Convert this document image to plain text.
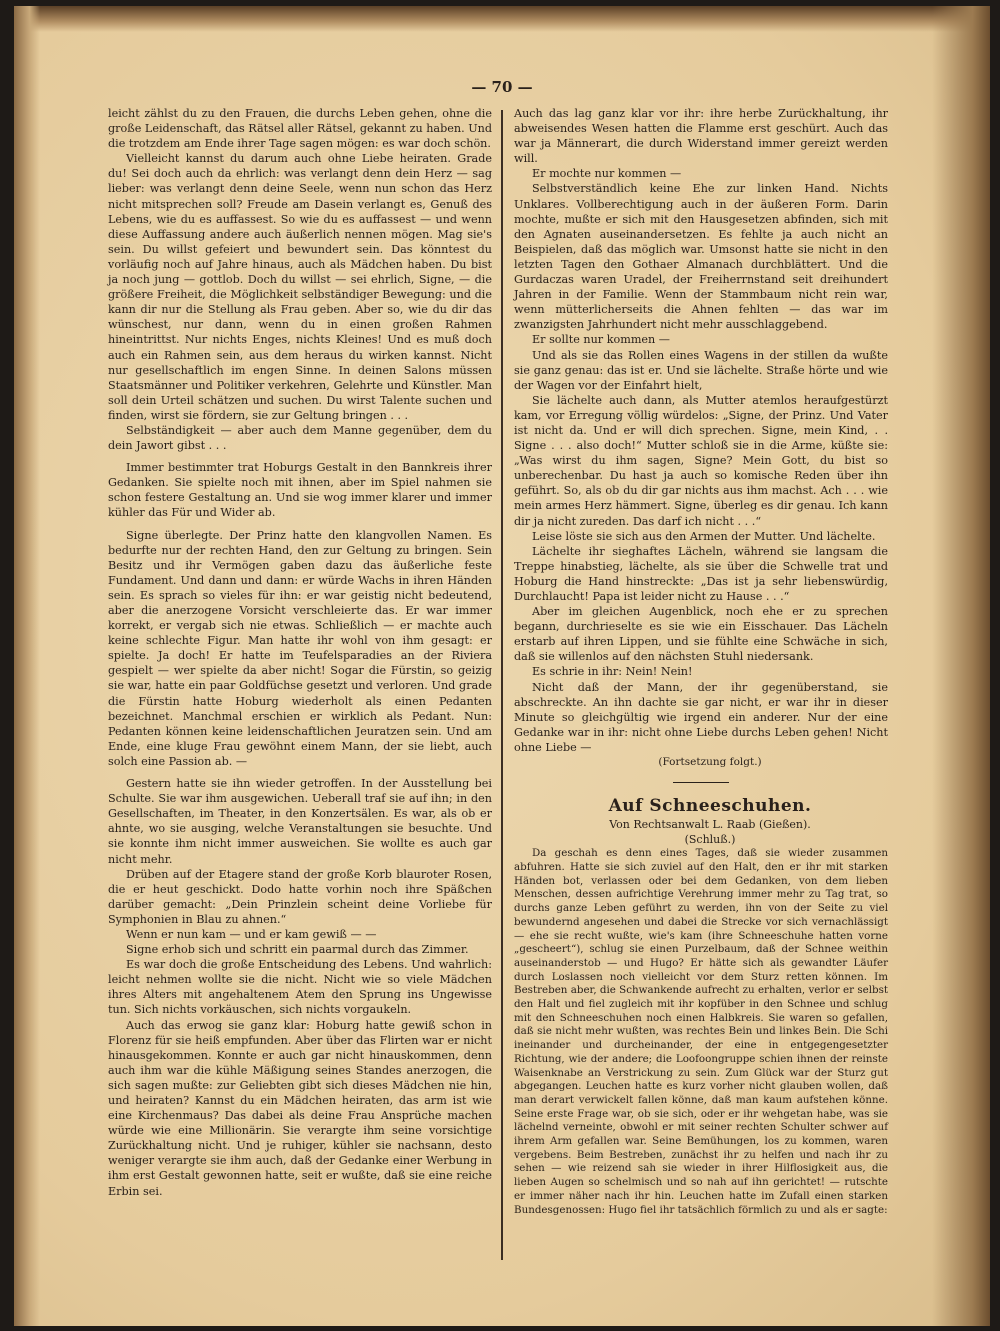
— 70 —

leicht zählst du zu den Frauen, die durchs Leben gehen, ohne die große Leidenschaft, das Rätsel aller Rätsel, gekannt zu haben. Und die trotzdem am Ende ihrer Tage sagen mögen: es war doch schön.

Vielleicht kannst du darum auch ohne Liebe heiraten. Grade du! Sei doch auch da ehrlich: was verlangt denn dein Herz — sag lieber: was verlangt denn deine Seele, wenn nun schon das Herz nicht mitsprechen soll? Freude am Dasein verlangt es, Genuß des Lebens, wie du es auffassest. So wie du es auffassest — und wenn diese Auffassung andere auch äußerlich nennen mögen. Mag sie's sein. Du willst gefeiert und bewundert sein. Das könntest du vorläufig noch auf Jahre hinaus, auch als Mädchen haben. Du bist ja noch jung — gottlob. Doch du willst — sei ehrlich, Signe, — die größere Freiheit, die Möglichkeit selbständiger Bewegung: und die kann dir nur die Stellung als Frau geben. Aber so, wie du dir das wünschest, nur dann, wenn du in einen großen Rahmen hineintrittst. Nur nichts Enges, nichts Kleines! Und es muß doch auch ein Rahmen sein, aus dem heraus du wirken kannst. Nicht nur gesellschaftlich im engen Sinne. In deinen Salons müssen Staatsmänner und Politiker verkehren, Gelehrte und Künstler. Man soll dein Urteil schätzen und suchen. Du wirst Talente suchen und finden, wirst sie fördern, sie zur Geltung bringen . . .

Selbständigkeit — aber auch dem Manne gegenüber, dem du dein Jawort gibst . . .

Immer bestimmter trat Hoburgs Gestalt in den Bannkreis ihrer Gedanken. Sie spielte noch mit ihnen, aber im Spiel nahmen sie schon festere Gestaltung an. Und sie wog immer klarer und immer kühler das Für und Wider ab.

Signe überlegte. Der Prinz hatte den klangvollen Namen. Es bedurfte nur der rechten Hand, den zur Geltung zu bringen. Sein Besitz und ihr Vermögen gaben dazu das äußerliche feste Fundament. Und dann und dann: er würde Wachs in ihren Händen sein. Es sprach so vieles für ihn: er war geistig nicht bedeutend, aber die anerzogene Vorsicht verschleierte das. Er war immer korrekt, er vergab sich nie etwas. Schließlich — er machte auch keine schlechte Figur. Man hatte ihr wohl von ihm gesagt: er spielte. Ja doch! Er hatte im Teufelsparadies an der Riviera gespielt — wer spielte da aber nicht! Sogar die Fürstin, so geizig sie war, hatte ein paar Goldfüchse gesetzt und verloren. Und grade die Fürstin hatte Hoburg wiederholt als einen Pedanten bezeichnet. Manchmal erschien er wirklich als Pedant. Nun: Pedanten können keine leidenschaftlichen Jeuratzen sein. Und am Ende, eine kluge Frau gewöhnt einem Mann, der sie liebt, auch solch eine Passion ab. —

Gestern hatte sie ihn wieder getroffen. In der Ausstellung bei Schulte. Sie war ihm ausgewichen. Ueberall traf sie auf ihn; in den Gesellschaften, im Theater, in den Konzertsälen. Es war, als ob er ahnte, wo sie ausging, welche Veranstaltungen sie besuchte. Und sie konnte ihm nicht immer ausweichen. Sie wollte es auch gar nicht mehr.

Drüben auf der Etagere stand der große Korb blauroter Rosen, die er heut geschickt. Dodo hatte vorhin noch ihre Späßchen darüber gemacht: „Dein Prinzlein scheint deine Vorliebe für Symphonien in Blau zu ahnen.“

Wenn er nun kam — und er kam gewiß — —

Signe erhob sich und schritt ein paarmal durch das Zimmer.

Es war doch die große Entscheidung des Lebens. Und wahrlich: leicht nehmen wollte sie die nicht. Nicht wie so viele Mädchen ihres Alters mit angehaltenem Atem den Sprung ins Ungewisse tun. Sich nichts vorkäuschen, sich nichts vorgaukeln.

Auch das erwog sie ganz klar: Hoburg hatte gewiß schon in Florenz für sie heiß empfunden. Aber über das Flirten war er nicht hinausgekommen. Konnte er auch gar nicht hinauskommen, denn auch ihm war die kühle Mäßigung seines Standes anerzogen, die sich sagen mußte: zur Geliebten gibt sich dieses Mädchen nie hin, und heiraten? Kannst du ein Mädchen heiraten, das arm ist wie eine Kirchenmaus? Das dabei als deine Frau Ansprüche machen würde wie eine Millionärin. Sie verargte ihm seine vorsichtige Zurückhaltung nicht. Und je ruhiger, kühler sie nachsann, desto weniger verargte sie ihm auch, daß der Gedanke einer Werbung in ihm erst Gestalt gewonnen hatte, seit er wußte, daß sie eine reiche Erbin sei.

Auch das lag ganz klar vor ihr: ihre herbe Zurückhaltung, ihr abweisendes Wesen hatten die Flamme erst geschürt. Auch das war ja Männerart, die durch Widerstand immer gereizt werden will.

Er mochte nur kommen —

Selbstverständlich keine Ehe zur linken Hand. Nichts Unklares. Vollberechtigung auch in der äußeren Form. Darin mochte, mußte er sich mit den Hausgesetzen abfinden, sich mit den Agnaten auseinandersetzen. Es fehlte ja auch nicht an Beispielen, daß das möglich war. Umsonst hatte sie nicht in den letzten Tagen den Gothaer Almanach durchblättert. Und die Gurdaczas waren Uradel, der Freiherrnstand seit dreihundert Jahren in der Familie. Wenn der Stammbaum nicht rein war, wenn mütterlicherseits die Ahnen fehlten — das war im zwanzigsten Jahrhundert nicht mehr ausschlaggebend.

Er sollte nur kommen —

Und als sie das Rollen eines Wagens in der stillen da wußte sie ganz genau: das ist er. Und sie lächelte. Straße hörte und wie der Wagen vor der Einfahrt hielt,

Sie lächelte auch dann, als Mutter atemlos heraufgestürzt kam, vor Erregung völlig würdelos: „Signe, der Prinz. Und Vater ist nicht da. Und er will dich sprechen. Signe, mein Kind, . . Signe . . . also doch!“ Mutter schloß sie in die Arme, küßte sie: „Was wirst du ihm sagen, Signe? Mein Gott, du bist so unberechenbar. Du hast ja auch so komische Reden über ihn geführt. So, als ob du dir gar nichts aus ihm machst. Ach . . . wie mein armes Herz hämmert. Signe, überleg es dir genau. Ich kann dir ja nicht zureden. Das darf ich nicht . . .“

Leise löste sie sich aus den Armen der Mutter. Und lächelte.

Lächelte ihr sieghaftes Lächeln, während sie langsam die Treppe hinabstieg, lächelte, als sie über die Schwelle trat und Hoburg die Hand hinstreckte: „Das ist ja sehr liebenswürdig, Durchlaucht! Papa ist leider nicht zu Hause . . .“

Aber im gleichen Augenblick, noch ehe er zu sprechen begann, durchrieselte es sie wie ein Eisschauer. Das Lächeln erstarb auf ihren Lippen, und sie fühlte eine Schwäche in sich, daß sie willenlos auf den nächsten Stuhl niedersank.

Es schrie in ihr: Nein! Nein!

Nicht daß der Mann, der ihr gegenüberstand, sie abschreckte. An ihn dachte sie gar nicht, er war ihr in dieser Minute so gleichgültig wie irgend ein anderer. Nur der eine Gedanke war in ihr: nicht ohne Liebe durchs Leben gehen! Nicht ohne Liebe —

(Fortsetzung folgt.)

Auf Schneeschuhen.

Von Rechtsanwalt L. Raab (Gießen).

(Schluß.)

Da geschah es denn eines Tages, daß sie wieder zusammen abfuhren. Hatte sie sich zuviel auf den Halt, den er ihr mit starken Händen bot, verlassen oder bei dem Gedanken, von dem lieben Menschen, dessen aufrichtige Verehrung immer mehr zu Tag trat, so durchs ganze Leben geführt zu werden, ihn von der Seite zu viel bewundernd angesehen und dabei die Strecke vor sich vernachlässigt — ehe sie recht wußte, wie's kam (ihre Schneeschuhe hatten vorne „gescheert“), schlug sie einen Purzelbaum, daß der Schnee weithin auseinanderstob — und Hugo? Er hätte sich als gewandter Läufer durch Loslassen noch vielleicht vor dem Sturz retten können. Im Bestreben aber, die Schwankende aufrecht zu erhalten, verlor er selbst den Halt und fiel zugleich mit ihr kopfüber in den Schnee und schlug mit den Schneeschuhen noch einen Halbkreis. Sie waren so gefallen, daß sie nicht mehr wußten, was rechtes Bein und linkes Bein. Die Schi ineinander und durcheinander, der eine in entgegengesetzter Richtung, wie der andere; die Loofoongruppe schien ihnen der reinste Waisenknabe an Verstrickung zu sein. Zum Glück war der Sturz gut abgegangen. Leuchen hatte es kurz vorher nicht glauben wollen, daß man derart verwickelt fallen könne, daß man kaum aufstehen könne. Seine erste Frage war, ob sie sich, oder er ihr wehgetan habe, was sie lächelnd verneinte, obwohl er mit seiner rechten Schulter schwer auf ihrem Arm gefallen war. Seine Bemühungen, los zu kommen, waren vergebens. Beim Bestreben, zunächst ihr zu helfen und nach ihr zu sehen — wie reizend sah sie wieder in ihrer Hilflosigkeit aus, die lieben Augen so schelmisch und so nah auf ihn gerichtet! — rutschte er immer näher nach ihr hin. Leuchen hatte im Zufall einen starken Bundesgenossen: Hugo fiel ihr tatsächlich förmlich zu und als er sagte:
